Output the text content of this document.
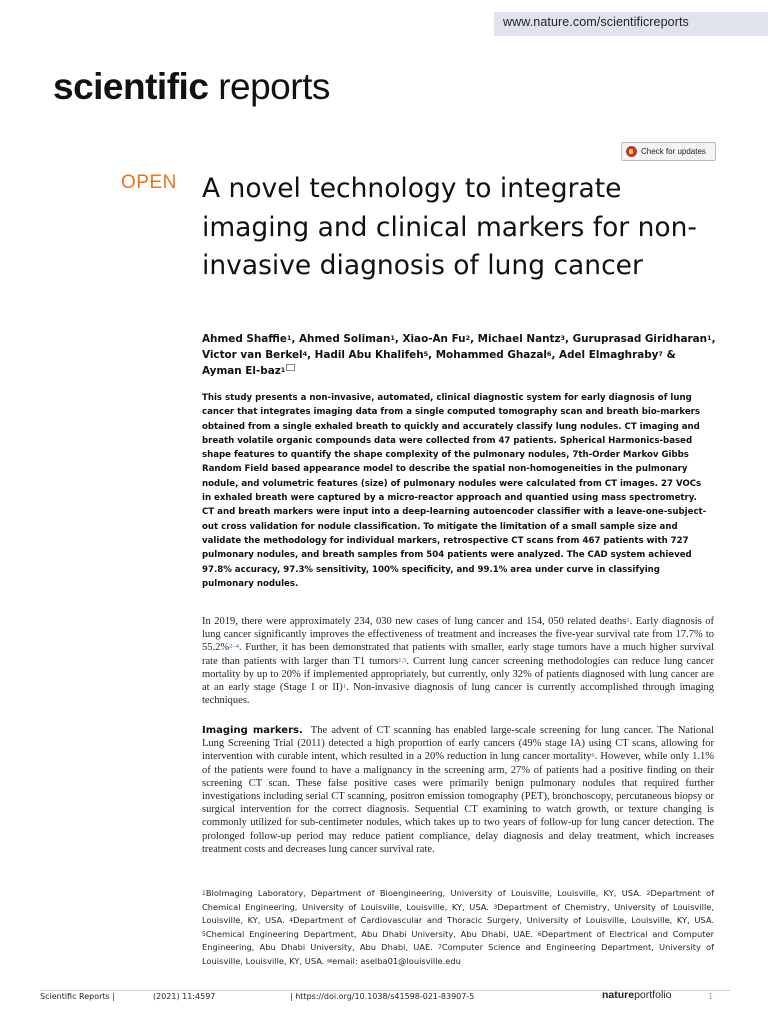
www.nature.com/scientificreports
scientific reports
Check for updates
OPEN A novel technology to integrate imaging and clinical markers for non-invasive diagnosis of lung cancer
Ahmed Shaffie$^1$, Ahmed Soliman$^1$, Xiao-An Fu$^2$, Michael Nantz$^3$, Guruprasad Giridharan$^1$,
Victor van Berkel$^4$, Hadil Abu Khalifeh$^5$, Mohammed Ghazal$^6$, Adel Elmaghraby$^7$ &
Ayman El-baz$^1$

This study presents a non-invasive, automated, clinical diagnostic system for early diagnosis of lung cancer that integrates imaging data from a single computed tomography scan and breath bio-markers obtained from a single exhaled breath to quickly and accurately classify lung nodules. CT imaging and breath volatile organic compounds data were collected from 47 patients. Spherical Harmonics-based shape features to quantify the shape complexity of the pulmonary nodules, 7th-Order Markov Gibbs Random Field based appearance model to describe the spatial non-homogeneities in the pulmonary nodule, and volumetric features (size) of pulmonary nodules were calculated from CT images. 27 VOCs in exhaled breath were captured by a micro-reactor approach and quantied using mass spectrometry. CT and breath markers were input into a deep-learning autoencoder classifier with a leave-one-subject-out cross validation for nodule classification. To mitigate the limitation of a small sample size and validate the methodology for individual markers, retrospective CT scans from 467 patients with 727 pulmonary nodules, and breath samples from 504 patients were analyzed. The CAD system achieved 97.8% accuracy, 97.3% sensitivity, 100% specificity, and 99.1% area under curve in classifying pulmonary nodules.

In 2019, there were approximately 234, 030 new cases of lung cancer and 154, 050 related deaths$^1$. Early diagnosis of lung cancer significantly improves the effectiveness of treatment and increases the five-year survival rate from 17.7% to 55.2%$^{2-4}$. Further, it has been demonstrated that patients with smaller, early stage tumors have a much higher survival rate than patients with larger than T1 tumors$^{1,5}$. Current lung cancer screening methodologies can reduce lung cancer mortality by up to 20% if implemented appropriately, but currently, only 32% of patients diagnosed with lung cancer are at an early stage (Stage I or II)$^1$. Non-invasive diagnosis of lung cancer is currently accomplished through imaging techniques.

Imaging markers. The advent of CT scanning has enabled large-scale screening for lung cancer. The National Lung Screening Trial (2011) detected a high proportion of early cancers (49% stage IA) using CT scans, allowing for intervention with curable intent, which resulted in a 20% reduction in lung cancer mortality$^6$. However, while only 1.1% of the patients were found to have a malignancy in the screening arm, 27% of patients had a positive finding on their screening CT scan. These false positive cases were primarily benign pulmonary nodules that required further investigations including serial CT scanning, positron emission tomography (PET), bronchoscopy, percutaneous biopsy or surgical intervention for the correct diagnosis. Sequential CT examining to watch growth, or texture changing is commonly utilized for sub-centimeter nodules, which takes up to two years of follow-up for lung cancer detection. The prolonged follow-up period may reduce patient compliance, delay diagnosis and delay treatment, which increases treatment costs and decreases lung cancer survival rate.

$^1$BioImaging Laboratory, Department of Bioengineering, University of Louisville, Louisville, KY, USA. $^2$Department of Chemical Engineering, University of Louisville, Louisville, KY, USA. $^3$Department of Chemistry, University of Louisville, Louisville, KY, USA. $^4$Department of Cardiovascular and Thoracic Surgery, University of Louisville, Louisville, KY, USA. $^5$Chemical Engineering Department, Abu Dhabi University, Abu Dhabi, UAE. $^6$Department of Electrical and Computer Engineering, Abu Dhabi University, Abu Dhabi, UAE. $^7$Computer Science and Engineering Department, University of Louisville, Louisville, KY, USA. ✉email: aselba01@louisville.edu

Scientific Reports |	(2021) 11:4597	| https://doi.org/10.1038/s41598-021-83907-5	natureportfolio	1
